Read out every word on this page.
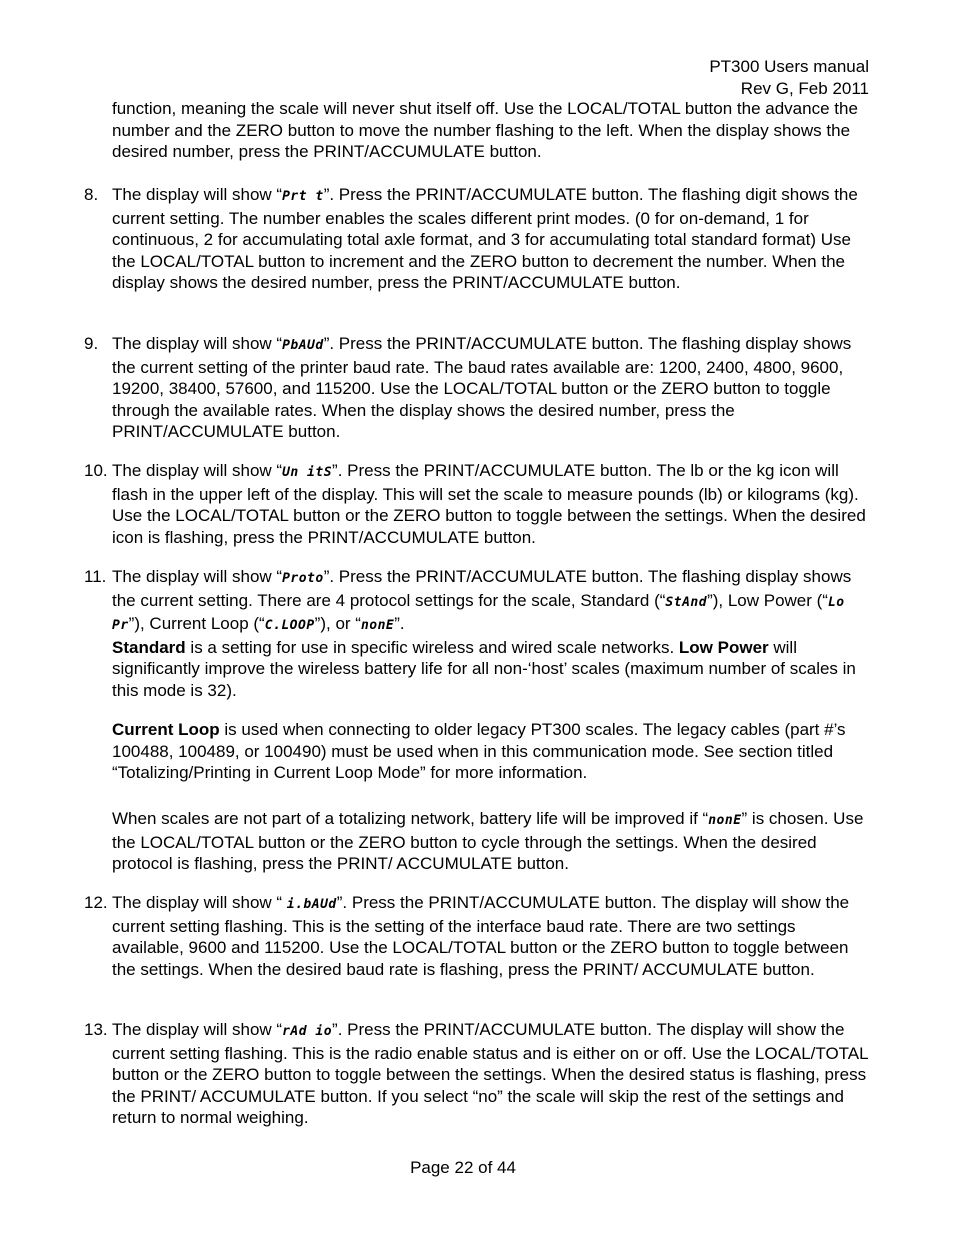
PT300 Users manual
Rev G, Feb 2011
function, meaning the scale will never shut itself off. Use the LOCAL/TOTAL button the advance the number and the ZERO button to move the number flashing to the left. When the display shows the desired number, press the PRINT/ACCUMULATE button.
8. The display will show “Prt t”. Press the PRINT/ACCUMULATE button. The flashing digit shows the current setting. The number enables the scales different print modes. (0 for on-demand, 1 for continuous, 2 for accumulating total axle format, and 3 for accumulating total standard format) Use the LOCAL/TOTAL button to increment and the ZERO button to decrement the number. When the display shows the desired number, press the PRINT/ACCUMULATE button.
9. The display will show “PbAUd”. Press the PRINT/ACCUMULATE button. The flashing display shows the current setting of the printer baud rate. The baud rates available are: 1200, 2400, 4800, 9600, 19200, 38400, 57600, and 115200. Use the LOCAL/TOTAL button or the ZERO button to toggle through the available rates. When the display shows the desired number, press the PRINT/ACCUMULATE button.
10. The display will show “Un itS”. Press the PRINT/ACCUMULATE button. The lb or the kg icon will flash in the upper left of the display. This will set the scale to measure pounds (lb) or kilograms (kg). Use the LOCAL/TOTAL button or the ZERO button to toggle between the settings. When the desired icon is flashing, press the PRINT/ACCUMULATE button.
11. The display will show “Proto”. Press the PRINT/ACCUMULATE button. The flashing display shows the current setting. There are 4 protocol settings for the scale, Standard (“StAnd”), Low Power (“Lo Pr”), Current Loop (“C.LOOP”), or “nonE”.
Standard is a setting for use in specific wireless and wired scale networks. Low Power will significantly improve the wireless battery life for all non-‘host’ scales (maximum number of scales in this mode is 32).
Current Loop is used when connecting to older legacy PT300 scales. The legacy cables (part #’s 100488, 100489, or 100490) must be used when in this communication mode. See section titled “Totalizing/Printing in Current Loop Mode” for more information.
When scales are not part of a totalizing network, battery life will be improved if “nonE” is chosen. Use the LOCAL/TOTAL button or the ZERO button to cycle through the settings. When the desired protocol is flashing, press the PRINT/ ACCUMULATE button.
12. The display will show “ i.bAUd”. Press the PRINT/ACCUMULATE button. The display will show the current setting flashing. This is the setting of the interface baud rate. There are two settings available, 9600 and 115200. Use the LOCAL/TOTAL button or the ZERO button to toggle between the settings. When the desired baud rate is flashing, press the PRINT/ ACCUMULATE button.
13. The display will show “rAd io”. Press the PRINT/ACCUMULATE button. The display will show the current setting flashing. This is the radio enable status and is either on or off. Use the LOCAL/TOTAL button or the ZERO button to toggle between the settings. When the desired status is flashing, press the PRINT/ ACCUMULATE button. If you select “no” the scale will skip the rest of the settings and return to normal weighing.
Page 22 of 44
